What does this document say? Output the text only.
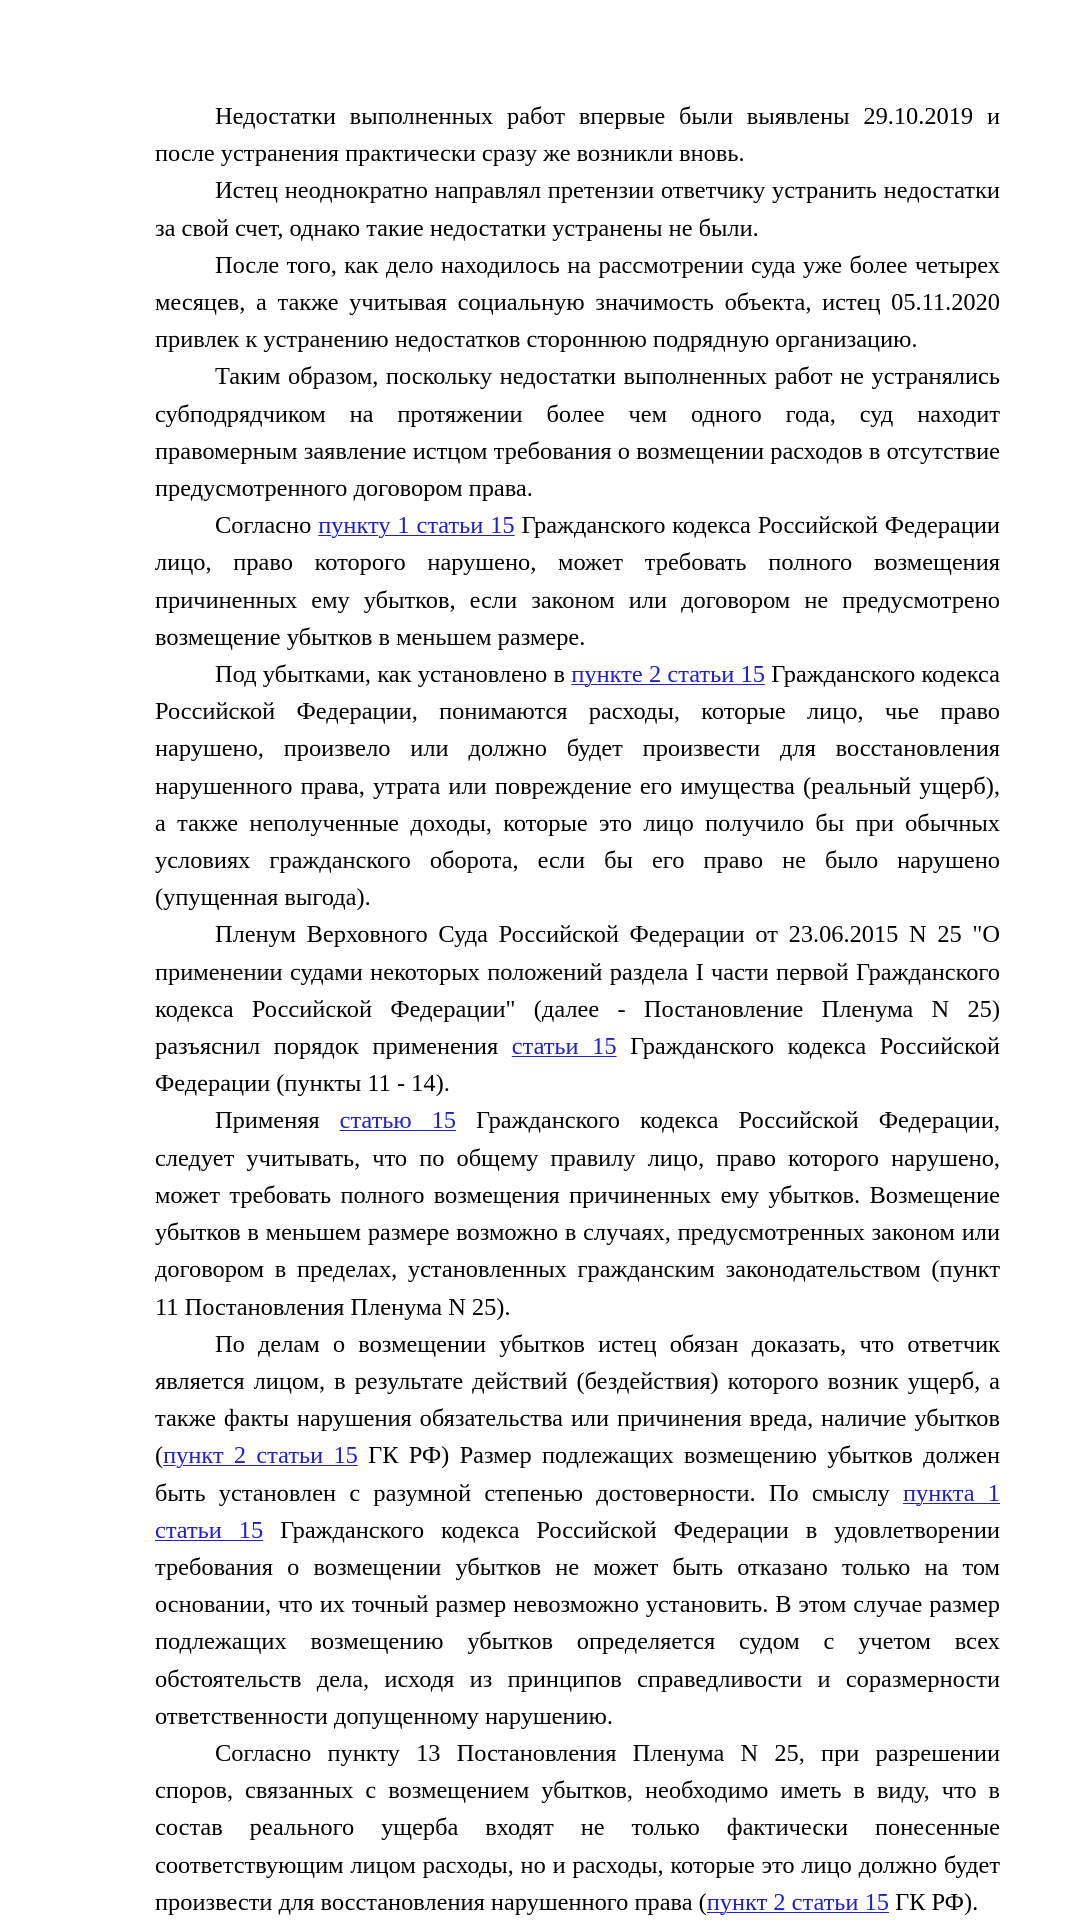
Недостатки выполненных работ впервые были выявлены 29.10.2019 и после устранения практически сразу же возникли вновь.

Истец неоднократно направлял претензии ответчику устранить недостатки за свой счет, однако такие недостатки устранены не были.

После того, как дело находилось на рассмотрении суда уже более четырех месяцев, а также учитывая социальную значимость объекта, истец 05.11.2020 привлек к устранению недостатков стороннюю подрядную организацию.

Таким образом, поскольку недостатки выполненных работ не устранялись субподрядчиком на протяжении более чем одного года, суд находит правомерным заявление истцом требования о возмещении расходов в отсутствие предусмотренного договором права.

Согласно пункту 1 статьи 15 Гражданского кодекса Российской Федерации лицо, право которого нарушено, может требовать полного возмещения причиненных ему убытков, если законом или договором не предусмотрено возмещение убытков в меньшем размере.

Под убытками, как установлено в пункте 2 статьи 15 Гражданского кодекса Российской Федерации, понимаются расходы, которые лицо, чье право нарушено, произвело или должно будет произвести для восстановления нарушенного права, утрата или повреждение его имущества (реальный ущерб), а также неполученные доходы, которые это лицо получило бы при обычных условиях гражданского оборота, если бы его право не было нарушено (упущенная выгода).

Пленум Верховного Суда Российской Федерации от 23.06.2015 N 25 "О применении судами некоторых положений раздела I части первой Гражданского кодекса Российской Федерации" (далее - Постановление Пленума N 25) разъяснил порядок применения статьи 15 Гражданского кодекса Российской Федерации (пункты 11 - 14).

Применяя статью 15 Гражданского кодекса Российской Федерации, следует учитывать, что по общему правилу лицо, право которого нарушено, может требовать полного возмещения причиненных ему убытков. Возмещение убытков в меньшем размере возможно в случаях, предусмотренных законом или договором в пределах, установленных гражданским законодательством (пункт 11 Постановления Пленума N 25).

По делам о возмещении убытков истец обязан доказать, что ответчик является лицом, в результате действий (бездействия) которого возник ущерб, а также факты нарушения обязательства или причинения вреда, наличие убытков (пункт 2 статьи 15 ГК РФ) Размер подлежащих возмещению убытков должен быть установлен с разумной степенью достоверности. По смыслу пункта 1 статьи 15 Гражданского кодекса Российской Федерации в удовлетворении требования о возмещении убытков не может быть отказано только на том основании, что их точный размер невозможно установить. В этом случае размер подлежащих возмещению убытков определяется судом с учетом всех обстоятельств дела, исходя из принципов справедливости и соразмерности ответственности допущенному нарушению.

Согласно пункту 13 Постановления Пленума N 25, при разрешении споров, связанных с возмещением убытков, необходимо иметь в виду, что в состав реального ущерба входят не только фактически понесенные соответствующим лицом расходы, но и расходы, которые это лицо должно будет произвести для восстановления нарушенного права (пункт 2 статьи 15 ГК РФ).
